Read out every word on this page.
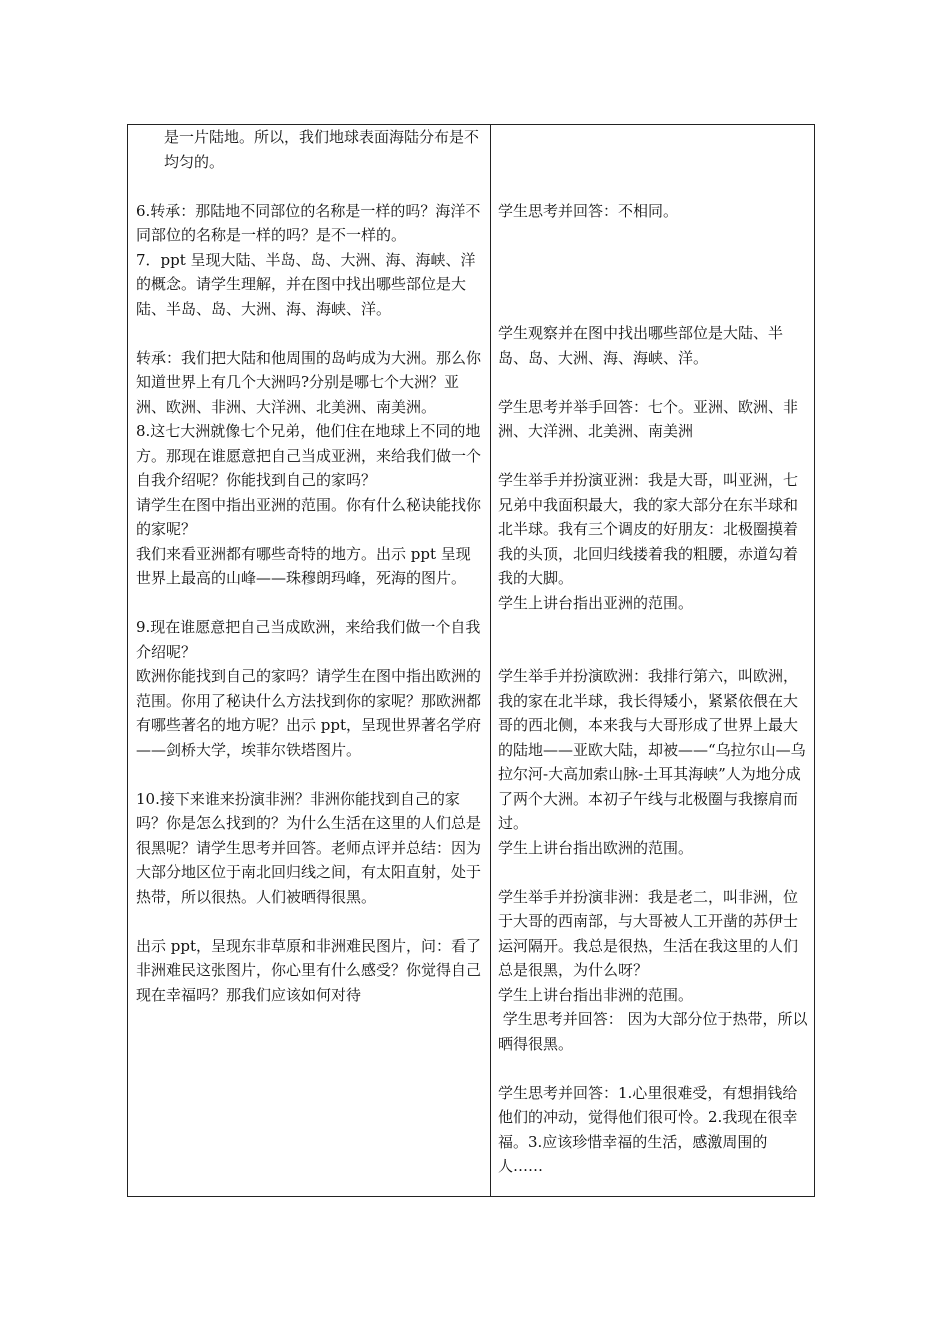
是一片陆地。所以，我们地球表面海陆分布是不均匀的。

6.转承：那陆地不同部位的名称是一样的吗？海洋不同部位的名称是一样的吗？是不一样的。

7．ppt 呈现大陆、半岛、岛、大洲、海、海峡、洋的概念。请学生理解，并在图中找出哪些部位是大陆、半岛、岛、大洲、海、海峡、洋。

转承：我们把大陆和他周围的岛屿成为大洲。那么你知道世界上有几个大洲吗?分别是哪七个大洲？亚洲、欧洲、非洲、大洋洲、北美洲、南美洲。

8.这七大洲就像七个兄弟，他们住在地球上不同的地方。那现在谁愿意把自己当成亚洲，来给我们做一个自我介绍呢？你能找到自己的家吗？

请学生在图中指出亚洲的范围。你有什么秘诀能找你的家呢？

我们来看亚洲都有哪些奇特的地方。出示 ppt 呈现世界上最高的山峰——珠穆朗玛峰，死海的图片。

9.现在谁愿意把自己当成欧洲，来给我们做一个自我介绍呢？

欧洲你能找到自己的家吗？请学生在图中指出欧洲的范围。你用了秘诀什么方法找到你的家呢？那欧洲都有哪些著名的地方呢？出示 ppt，呈现世界著名学府——剑桥大学，埃菲尔铁塔图片。

10.接下来谁来扮演非洲？非洲你能找到自己的家吗？你是怎么找到的？为什么生活在这里的人们总是很黑呢？请学生思考并回答。老师点评并总结：因为大部分地区位于南北回归线之间，有太阳直射，处于热带，所以很热。人们被晒得很黑。

出示 ppt，呈现东非草原和非洲难民图片，问：看了非洲难民这张图片，你心里有什么感受？你觉得自己现在幸福吗？那我们应该如何对待

学生思考并回答：不相同。

学生观察并在图中找出哪些部位是大陆、半岛、岛、大洲、海、海峡、洋。

学生思考并举手回答：七个。亚洲、欧洲、非洲、大洋洲、北美洲、南美洲

学生举手并扮演亚洲：我是大哥，叫亚洲，七兄弟中我面积最大，我的家大部分在东半球和北半球。我有三个调皮的好朋友：北极圈摸着我的头顶，北回归线搂着我的粗腰，赤道勾着我的大脚。

学生上讲台指出亚洲的范围。

学生举手并扮演欧洲：我排行第六，叫欧洲，我的家在北半球，我长得矮小，紧紧依偎在大哥的西北侧，本来我与大哥形成了世界上最大的陆地——亚欧大陆，却被——“乌拉尔山—乌拉尔河-大高加索山脉-土耳其海峡”人为地分成了两个大洲。本初子午线与北极圈与我擦肩而过。

学生上讲台指出欧洲的范围。

学生举手并扮演非洲：我是老二，叫非洲，位于大哥的西南部，与大哥被人工开凿的苏伊士运河隔开。我总是很热，生活在我这里的人们总是很黑，为什么呀？

学生上讲台指出非洲的范围。

学生思考并回答： 因为大部分位于热带，所以晒得很黑。

学生思考并回答：1.心里很难受，有想捐钱给他们的冲动，觉得他们很可怜。2.我现在很幸福。3.应该珍惜幸福的生活，感激周围的人……
